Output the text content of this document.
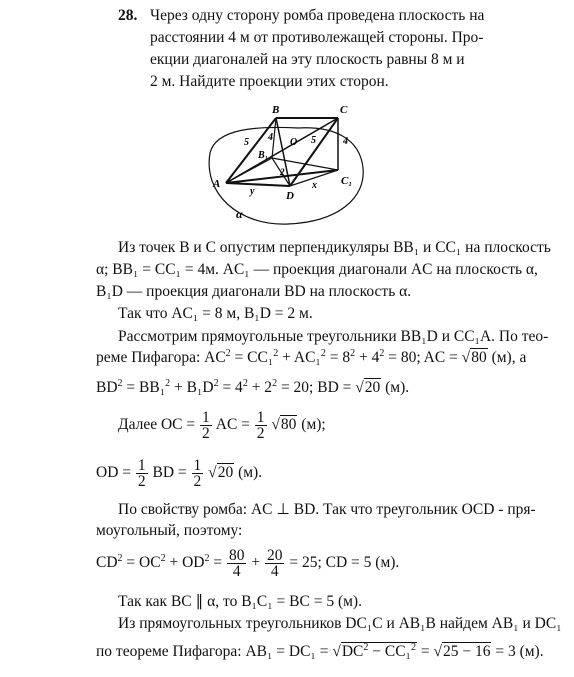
28. Через одну сторону ромба проведена плоскость на
расстоянии 4 м от противолежащей стороны. Про-
екции диагоналей на эту плоскость равны 8 м и
2 м. Найдите проекции этих сторон.
B	C
A
D
C₁
B₁
O
5 4	5	4
2
y
x
α
Из точек B и C опустим перпендикуляры BB₁ и CC₁ на плоскость
α; BB₁ = CC₁ = 4м. AC₁ — проекция диагонали AC на плоскость α,
B₁D — проекция диагонали BD на плоскость α.
Так что AC₁ = 8 м, B₁D = 2 м.
Рассмотрим прямоугольные треугольники BB₁D и CC₁A. По тео-
реме Пифагора: $AC^2 = CC_1^2 + AC_1^2 = 8^2 + 4^2 = 80$; AC = √80 (м), а
$BD^2 = BB_1^2 + B_1D^2 = 4^2 + 2^2 = 20$; BD = √20 (м).
Далее OC = $\frac{1}{2}$ AC = $\frac{1}{2} √80$ (м);
OD = $\frac{1}{2}$ BD = $\frac{1}{2} √20$ (м).
По свойству ромба: AC ⊥ BD. Так что треугольник OCD - пря-
моугольный, поэтому:
$CD^2 = OC^2 + OD^2 = \frac{80}{4} + \frac{20}{4} = 25$; CD = 5 (м).
Так как BC ∥ α, то B₁C₁ = BC = 5 (м).
Из прямоугольных треугольников DC₁C и AB₁B найдем AB₁ и DC₁
по теореме Пифагора: $AB_1 = DC_1 = √DC^2 - CC_1^2 = √25 - 16 = 3$ (м).
